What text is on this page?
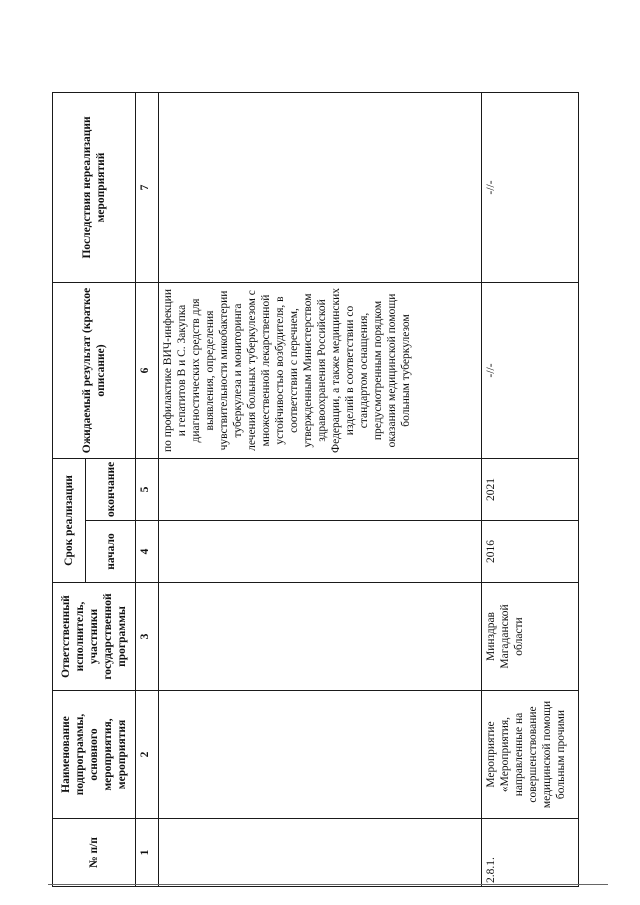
№ п/п	Наименование подпрограммы, основного мероприятия, мероприятия	Ответственный исполнитель, участники государственной программы	Срок реализации		Ожидаемый результат (краткое описание)	Последствия нереализации мероприятий
			начало	окончание		
1	2	3	4	5	6	7
					по профилактике ВИЧ-инфекции и гепатитов В и С. Закупка диагностических средств для выявления, определения чувствительности микобактерии туберкулеза и мониторинга лечения больных туберкулезом с множественной лекарственной устойчивостью возбудителя, в соответствии с перечнем, утвержденным Министерством здравоохранения Российской Федерации, а также медицинских изделий в соответствии со стандартом оснащения, предусмотренным порядком оказания медицинской помощи больным туберкулезом	
2.8.1.	Мероприятие «Мероприятия, направленные на совершенствование медицинской помощи больным прочими	Минздрав Магаданской области	2016	2021	-//-	-//-
